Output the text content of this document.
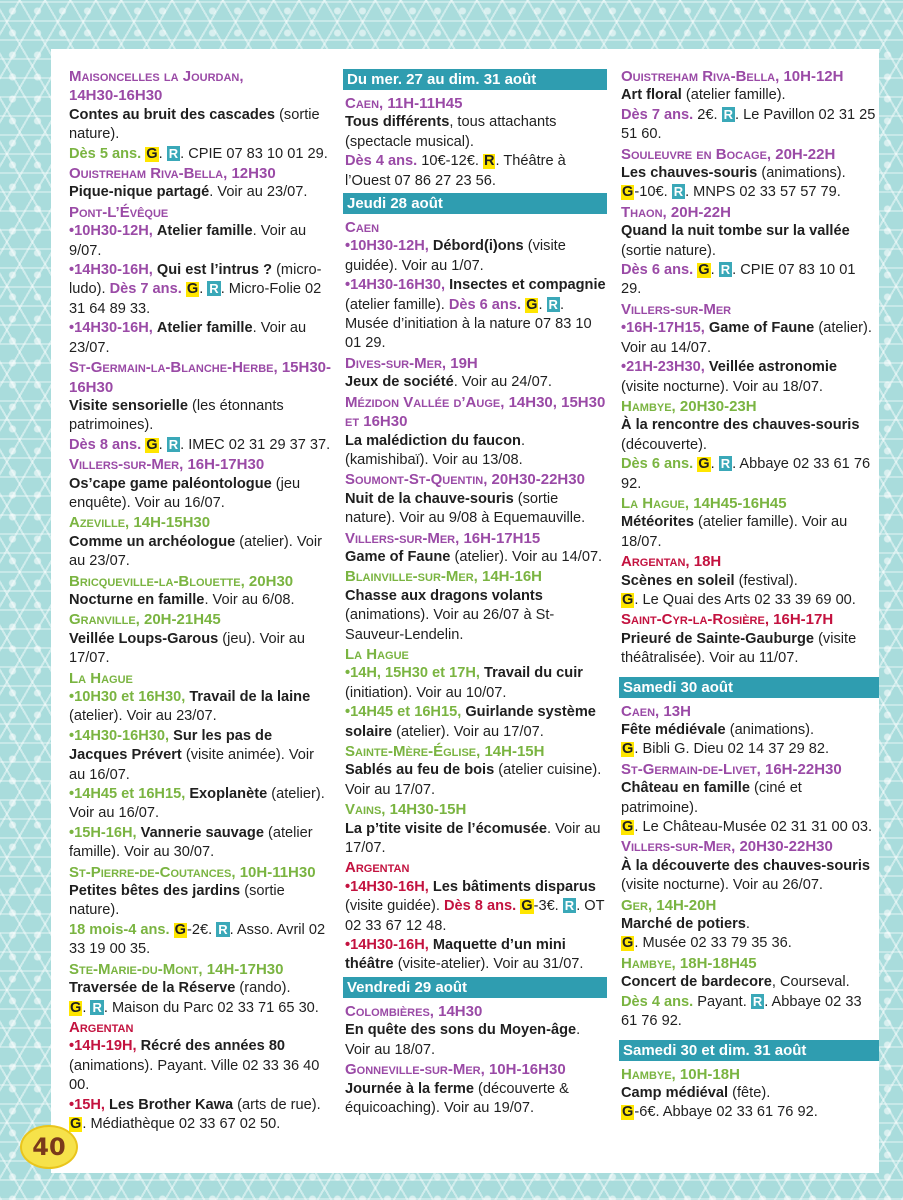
Maisoncelles la Jourdan,
14H30-16H30
Contes au bruit des cascades (sortie nature).
Dès 5 ans. G. R . CPIE 07 83 10 01 29.
Ouistreham Riva-Bella, 12H30
Pique-nique partagé. Voir au 23/07.
Pont-L’Évêque
•10H30-12H, Atelier famille. Voir au 9/07.
•14H30-16H, Qui est l’intrus ? (micro-ludo). Dès 7 ans. G. R . Micro-Folie 02 31 64 89 33.
•14H30-16H, Atelier famille. Voir au 23/07.
St-Germain-la-Blanche-Herbe, 15H30-16H30
Visite sensorielle (les étonnants patrimoines).
Dès 8 ans. G. R . IMEC 02 31 29 37 37.
Villers-sur-Mer, 16H-17H30
Os’cape game paléontologue (jeu enquête). Voir au 16/07.
Azeville, 14H-15H30
Comme un archéologue (atelier). Voir au 23/07.
Bricqueville-la-Blouette, 20H30
Nocturne en famille. Voir au 6/08.
Granville, 20H-21H45
Veillée Loups-Garous (jeu). Voir au 17/07.
La Hague
•10H30 et 16H30, Travail de la laine (atelier). Voir au 23/07.
•14H30-16H30, Sur les pas de Jacques Prévert (visite animée). Voir au 16/07.
•14H45 et 16H15, Exoplanète (atelier). Voir au 16/07.
•15H-16H, Vannerie sauvage (atelier famille). Voir au 30/07.
St-Pierre-de-Coutances, 10H-11H30
Petites bêtes des jardins (sortie nature).
18 mois-4 ans. G-2€. R . Asso. Avril 02 33 19 00 35.
Ste-Marie-du-Mont, 14H-17H30
Traversée de la Réserve (rando).
G. R . Maison du Parc 02 33 71 65 30.
Argentan
•14H-19H, Récré des années 80 (animations). Payant. Ville 02 33 36 40 00.
•15H, Les Brother Kawa (arts de rue). G. Médiathèque 02 33 67 02 50.
Du mer. 27 au dim. 31 août
Caen, 11H-11H45
Tous différents, tous attachants (spectacle musical).
Dès 4 ans. 10€-12€. R. Théâtre à l’Ouest 07 86 27 23 56.
Jeudi 28 août
Caen
•10H30-12H, Débord(i)ons (visite guidée). Voir au 1/07.
•14H30-16H30, Insectes et compagnie (atelier famille). Dès 6 ans. G. R . Musée d’initiation à la nature 07 83 10 01 29.
Dives-sur-Mer, 19H
Jeux de société. Voir au 24/07.
Mézidon Vallée d’Auge, 14H30, 15H30 et 16H30
La malédiction du faucon. (kamishibaï). Voir au 13/08.
Soumont-St-Quentin, 20H30-22H30
Nuit de la chauve-souris (sortie nature). Voir au 9/08 à Equemauville.
Villers-sur-Mer, 16H-17H15
Game of Faune (atelier). Voir au 14/07.
Blainville-sur-Mer, 14H-16H
Chasse aux dragons volants (animations). Voir au 26/07 à St-Sauveur-Lendelin.
La Hague
•14H, 15H30 et 17H, Travail du cuir (initiation). Voir au 10/07.
•14H45 et 16H15, Guirlande système solaire (atelier). Voir au 17/07.
Sainte-Mère-Église, 14H-15H
Sablés au feu de bois (atelier cuisine). Voir au 17/07.
Vains, 14H30-15H
La p’tite visite de l’écomusée. Voir au 17/07.
Argentan
•14H30-16H, Les bâtiments disparus (visite guidée). Dès 8 ans. G-3€. R . OT 02 33 67 12 48.
•14H30-16H, Maquette d’un mini théâtre (visite-atelier). Voir au 31/07.
Vendredi 29 août
Colombières, 14H30
En quête des sons du Moyen-âge. Voir au 18/07.
Gonneville-sur-Mer, 10H-16H30
Journée à la ferme (découverte & équicoaching). Voir au 19/07.
Ouistreham Riva-Bella, 10H-12H
Art floral (atelier famille).
Dès 7 ans. 2€. R . Le Pavillon 02 31 25 51 60.
Souleuvre en Bocage, 20H-22H
Les chauves-souris (animations).
G-10€. R . MNPS 02 33 57 57 79.
Thaon, 20H-22H
Quand la nuit tombe sur la vallée (sortie nature).
Dès 6 ans. G. R . CPIE 07 83 10 01 29.
Villers-sur-Mer
•16H-17H15, Game of Faune (atelier). Voir au 14/07.
•21H-23H30, Veillée astronomie (visite nocturne). Voir au 18/07.
Hambye, 20H30-23H
À la rencontre des chauves-souris (découverte).
Dès 6 ans. G. R . Abbaye 02 33 61 76 92.
La Hague, 14H45-16H45
Météorites (atelier famille). Voir au 18/07.
Argentan, 18H
Scènes en soleil (festival).
G. Le Quai des Arts 02 33 39 69 00.
Saint-Cyr-la-Rosière, 16H-17H
Prieuré de Sainte-Gauburge (visite théâtralisée). Voir au 11/07.
Samedi 30 août
Caen, 13H
Fête médiévale (animations).
G. Bibli G. Dieu 02 14 37 29 82.
St-Germain-de-Livet, 16H-22H30
Château en famille (ciné et patrimoine).
G. Le Château-Musée 02 31 31 00 03.
Villers-sur-Mer, 20H30-22H30
À la découverte des chauves-souris (visite nocturne). Voir au 26/07.
Ger, 14H-20H
Marché de potiers.
G. Musée 02 33 79 35 36.
Hambye, 18H-18H45
Concert de bardecore, Courseval.
Dès 4 ans. Payant. R . Abbaye 02 33 61 76 92.
Samedi 30 et dim. 31 août
Hambye, 10H-18H
Camp médiéval (fête).
G-6€. Abbaye 02 33 61 76 92.
40
